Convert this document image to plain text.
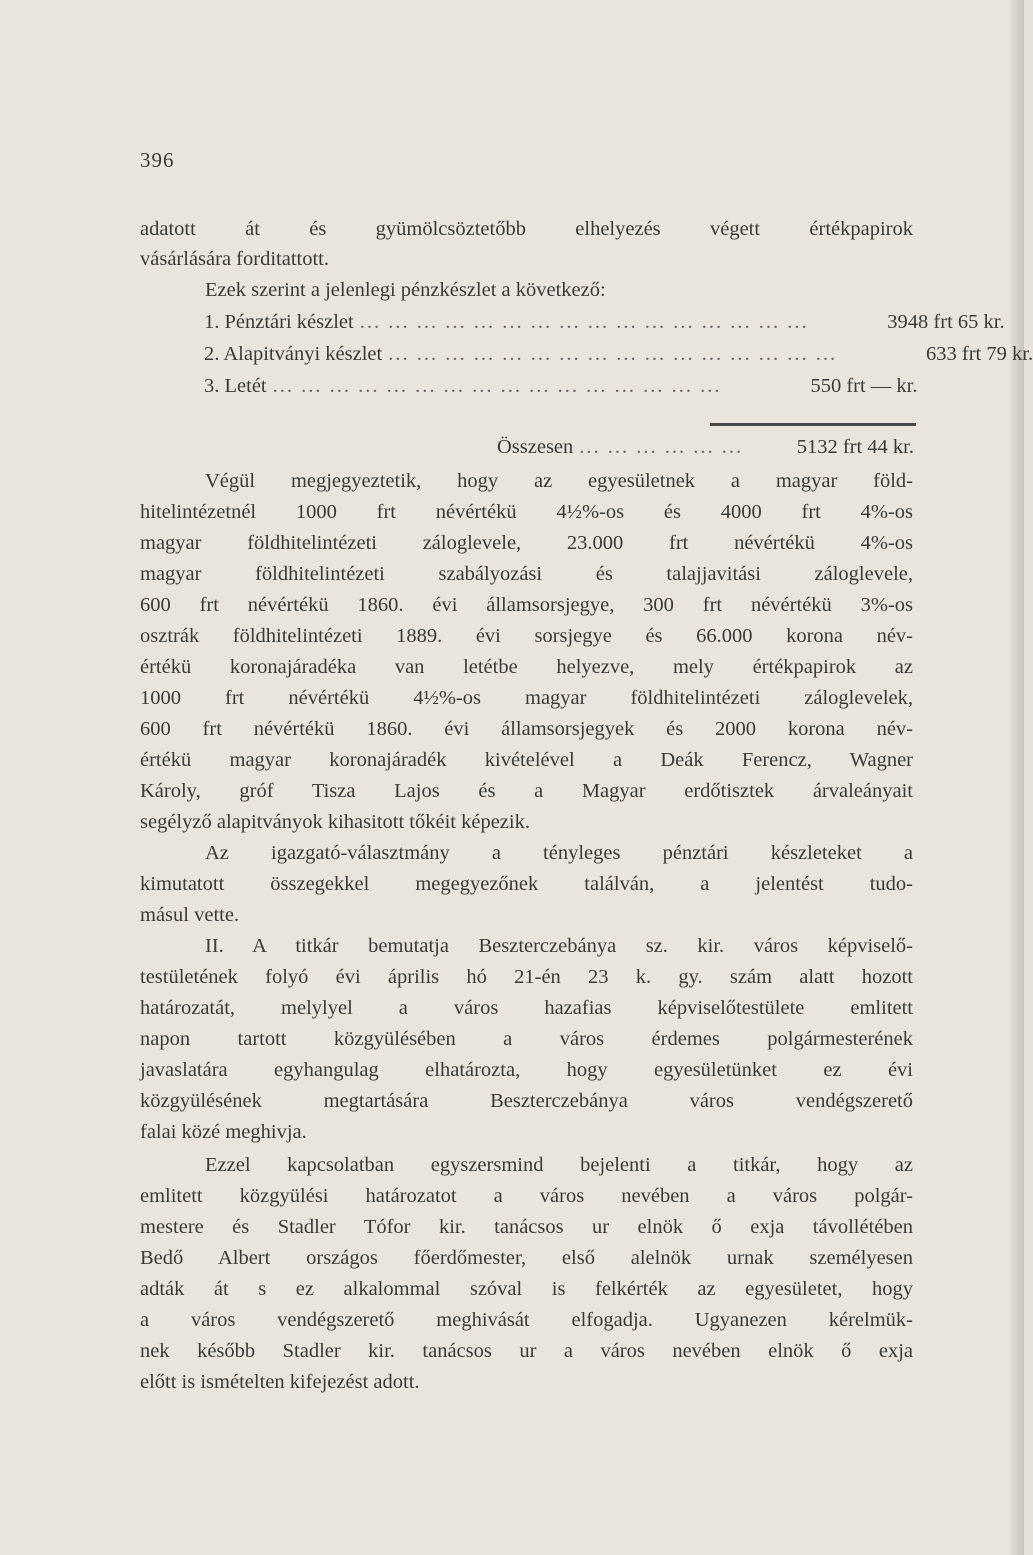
396
adatott át és gyümölcsöztetőbb elhelyezés végett értékpapirok
vásárlására forditattott.
Ezek szerint a jelenlegi pénzkészlet a következő:
1. Pénztári készlet ... ... ... ... ... ... ... ... ... ... ... ... ... ... ... ...	3948 frt 65 kr.
2. Alapitványi készlet ... ... ... ... ... ... ... ... ... ... ... ... ... ... ... ...	633 frt 79 kr.
3. Letét ... ... ... ... ... ... ... ... ... ... ... ... ... ... ... ...	550 frt — kr.
Összesen ... ... ... ... ... ...	5132 frt 44 kr.
Végül megjegyeztetik, hogy az egyesületnek a magyar föld-
hitelintézetnél 1000 frt névértékü 4½%-os és 4000 frt 4%-os
magyar földhitelintézeti záloglevele, 23.000 frt névértékü 4%-os
magyar földhitelintézeti szabályozási és talajjavitási záloglevele,
600 frt névértékü 1860. évi államsorsjegye, 300 frt névértékü 3%-os
osztrák földhitelintézeti 1889. évi sorsjegye és 66.000 korona név-
értékü koronajáradéka van letétbe helyezve, mely értékpapirok az
1000 frt névértékü 4½%-os magyar földhitelintézeti záloglevelek,
600 frt névértékü 1860. évi államsorsjegyek és 2000 korona név-
értékü magyar koronajáradék kivételével a Deák Ferencz, Wagner
Károly, gróf Tisza Lajos és a Magyar erdőtisztek árvaleányait
segélyző alapitványok kihasitott tőkéit képezik.
Az igazgató-választmány a tényleges pénztári készleteket a
kimutatott összegekkel megegyezőnek találván, a jelentést tudo-
másul vette.
II. A titkár bemutatja Beszterczebánya sz. kir. város képviselő-
testületének folyó évi április hó 21-én 23 k. gy. szám alatt hozott
határozatát, melylyel a város hazafias képviselőtestülete emlitett
napon tartott közgyülésében a város érdemes polgármesterének
javaslatára egyhangulag elhatározta, hogy egyesületünket ez évi
közgyülésének megtartására Beszterczebánya város vendégszerető
falai közé meghivja.
Ezzel kapcsolatban egyszersmind bejelenti a titkár, hogy az
emlitett közgyülési határozatot a város nevében a város polgár-
mestere és Stadler Tófor kir. tanácsos ur elnök ő exja távollétében
Bedő Albert országos főerdőmester, első alelnök urnak személyesen
adták át s ez alkalommal szóval is felkérték az egyesületet, hogy
a város vendégszerető meghivását elfogadja. Ugyanezen kérelmük-
nek később Stadler kir. tanácsos ur a város nevében elnök ő exja
előtt is ismételten kifejezést adott.
